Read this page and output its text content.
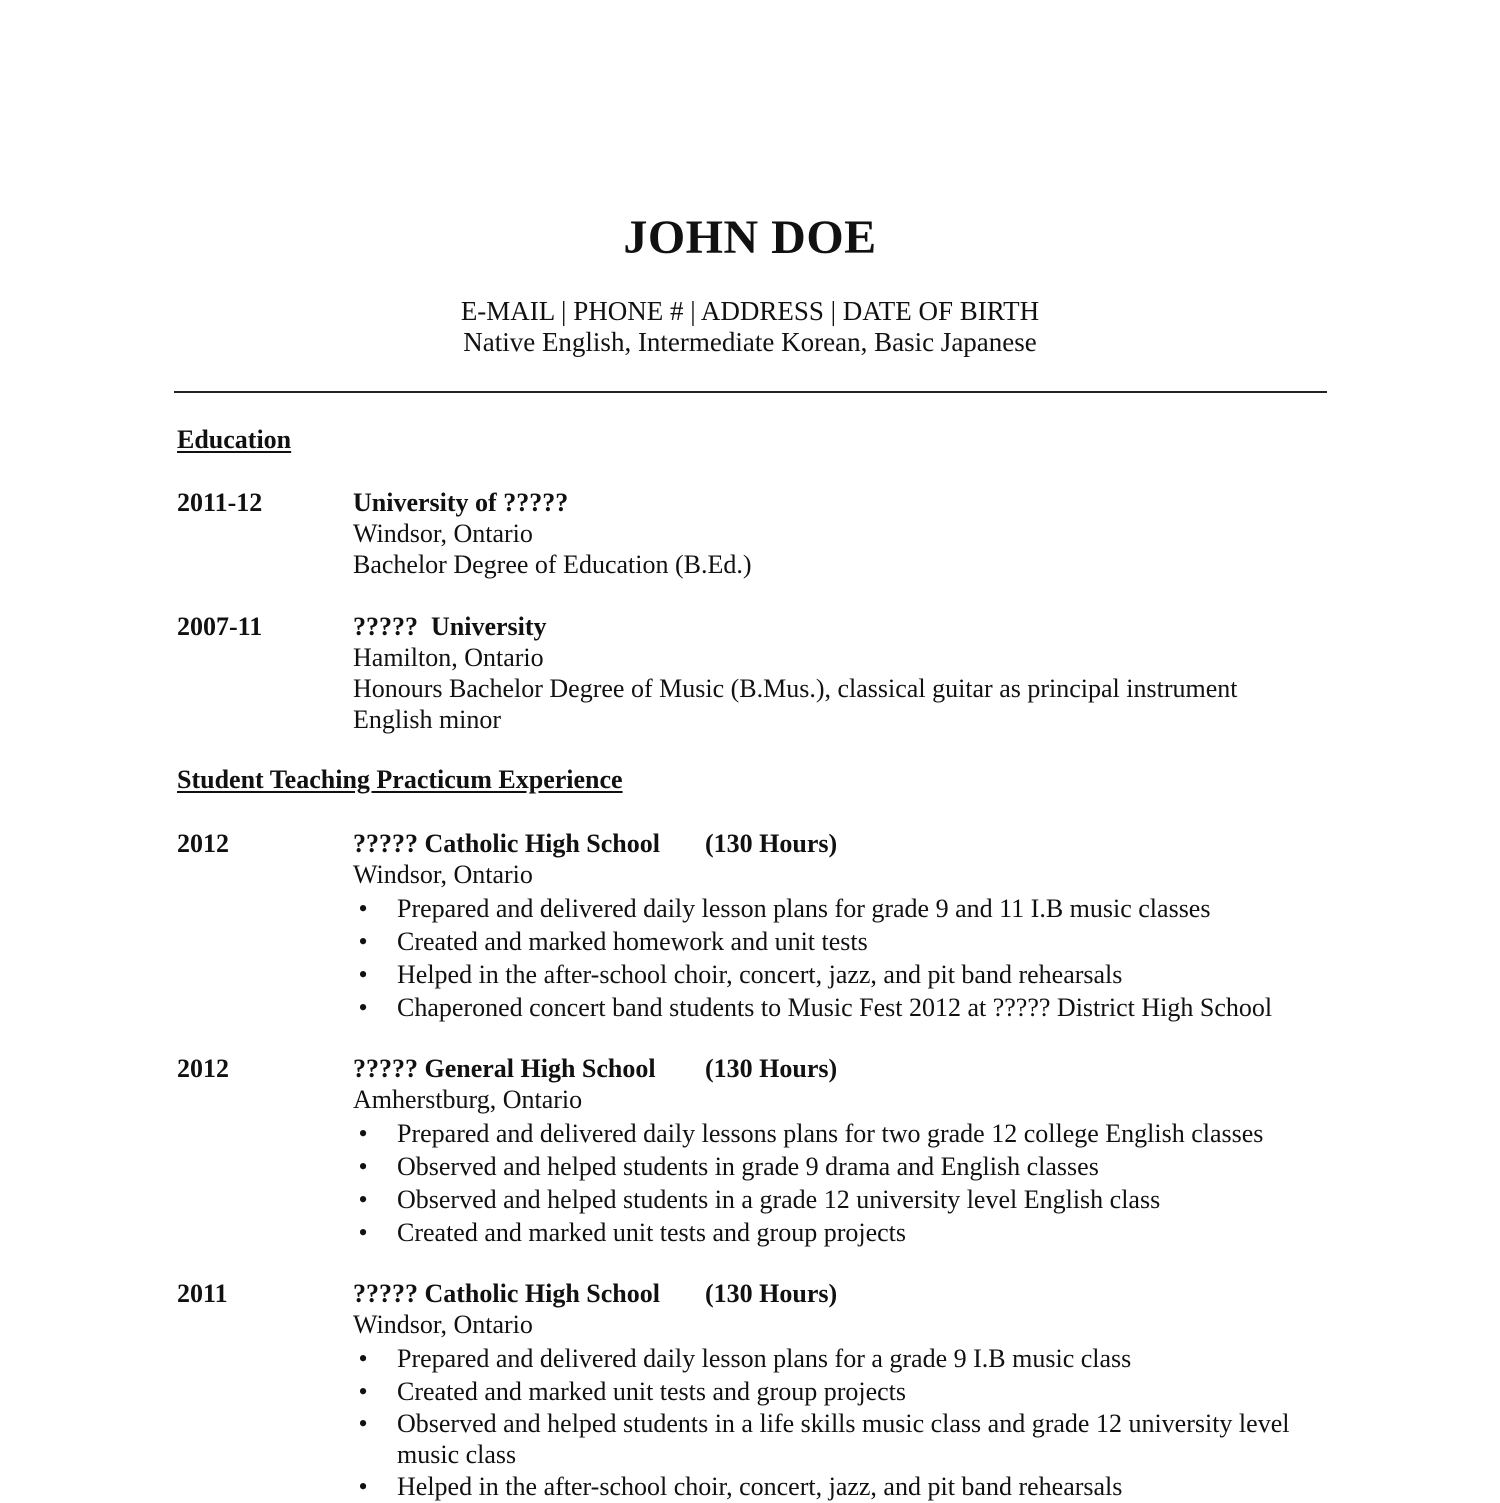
JOHN DOE
E-MAIL | PHONE # | ADDRESS | DATE OF BIRTH
Native English, Intermediate Korean, Basic Japanese
Education
2011-12	University of ?????
Windsor, Ontario
Bachelor Degree of Education (B.Ed.)
2007-11	?????  University
Hamilton, Ontario
Honours Bachelor Degree of Music (B.Mus.), classical guitar as principal instrument
English minor
Student Teaching Practicum Experience
2012	????? Catholic High School (130 Hours)
Windsor, Ontario
• Prepared and delivered daily lesson plans for grade 9 and 11 I.B music classes
• Created and marked homework and unit tests
• Helped in the after-school choir, concert, jazz, and pit band rehearsals
• Chaperoned concert band students to Music Fest 2012 at ????? District High School
2012	????? General High School (130 Hours)
Amherstburg, Ontario
• Prepared and delivered daily lessons plans for two grade 12 college English classes
• Observed and helped students in grade 9 drama and English classes
• Observed and helped students in a grade 12 university level English class
• Created and marked unit tests and group projects
2011	????? Catholic High School (130 Hours)
Windsor, Ontario
• Prepared and delivered daily lesson plans for a grade 9 I.B music class
• Created and marked unit tests and group projects
• Observed and helped students in a life skills music class and grade 12 university level
music class
• Helped in the after-school choir, concert, jazz, and pit band rehearsals
